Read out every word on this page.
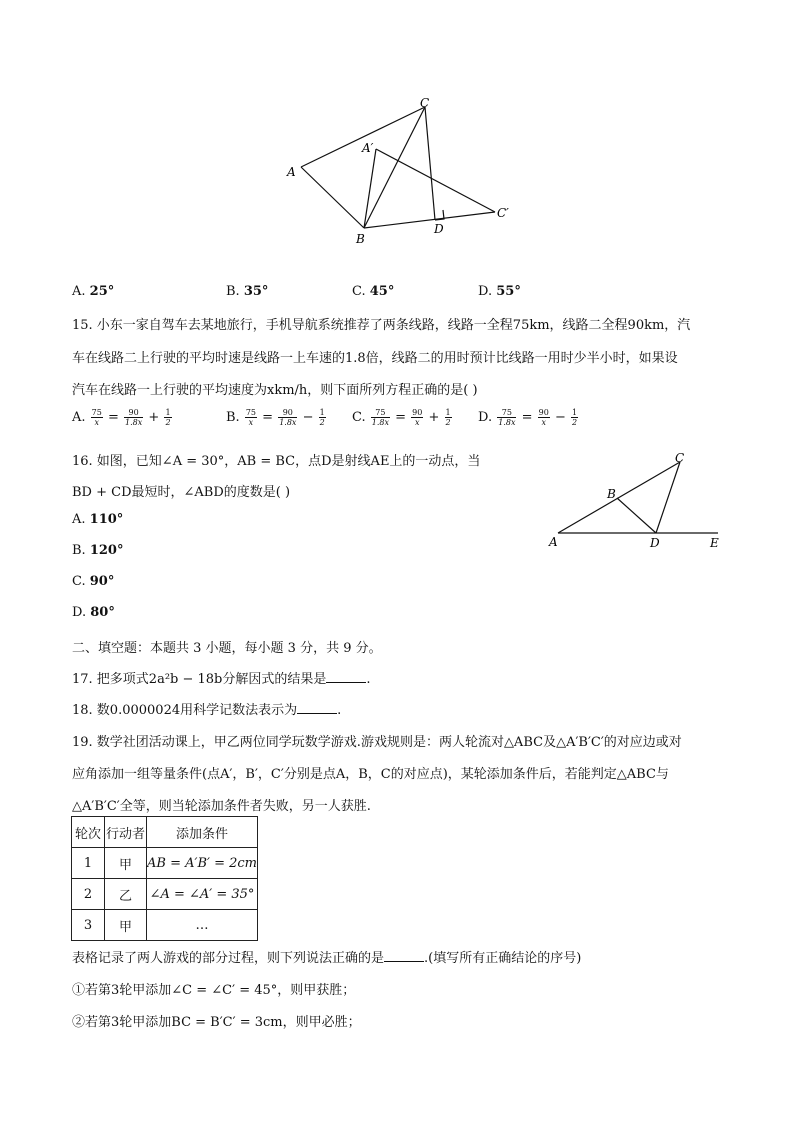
A
C
A′
B
D
C′
A. 25°	B. 35°	C. 45°	D. 55°
15. 小东一家自驾车去某地旅行，手机导航系统推荐了两条线路，线路一全程75km，线路二全程90km，汽
车在线路二上行驶的平均时速是线路一上车速的1.8倍，线路二的用时预计比线路一用时少半小时，如果设
汽车在线路一上行驶的平均速度为xkm/h，则下面所列方程正确的是( )
A. $\frac{75}{x} = \frac{90}{1.8x} + \frac{1}{2}$	B. $\frac{75}{x} = \frac{90}{1.8x} - \frac{1}{2} C$. $\frac{75}{1.8x} = \frac{90}{x} + \frac{1}{2} D$. $\frac{75}{1.8x} = \frac{90}{x} - \frac{1}{2}$
16. 如图，已知∠A = 30°，AB = BC，点D是射线AE上的一动点，当
BD + CD最短时，∠ABD的度数是( )
A. 110°
B. 120°
C. 90°
D. 80°
A
B
C
D	E
二、填空题：本题共 3 小题，每小题 3 分，共 9 分。
17. 把多项式2a²b − 18b分解因式的结果是	.
18. 数0.0000024用科学记数法表示为	.
19. 数学社团活动课上，甲乙两位同学玩数学游戏.游戏规则是：两人轮流对△ABC及△A′B′C′的对应边或对
应角添加一组等量条件(点A′，B′，C′分别是点A，B，C的对应点)，某轮添加条件后，若能判定△ABC与
△A′B′C′全等，则当轮添加条件者失败，另一人获胜.
轮次	行动者	添加条件
1	甲	AB = A′B′ = 2cm
2	乙	∠A = ∠A′ = 35°
3	甲	…
表格记录了两人游戏的部分过程，则下列说法正确的是	.(填写所有正确结论的序号)
①若第3轮甲添加∠C = ∠C′ = 45°，则甲获胜；
②若第3轮甲添加BC = B′C′ = 3cm，则甲必胜；
